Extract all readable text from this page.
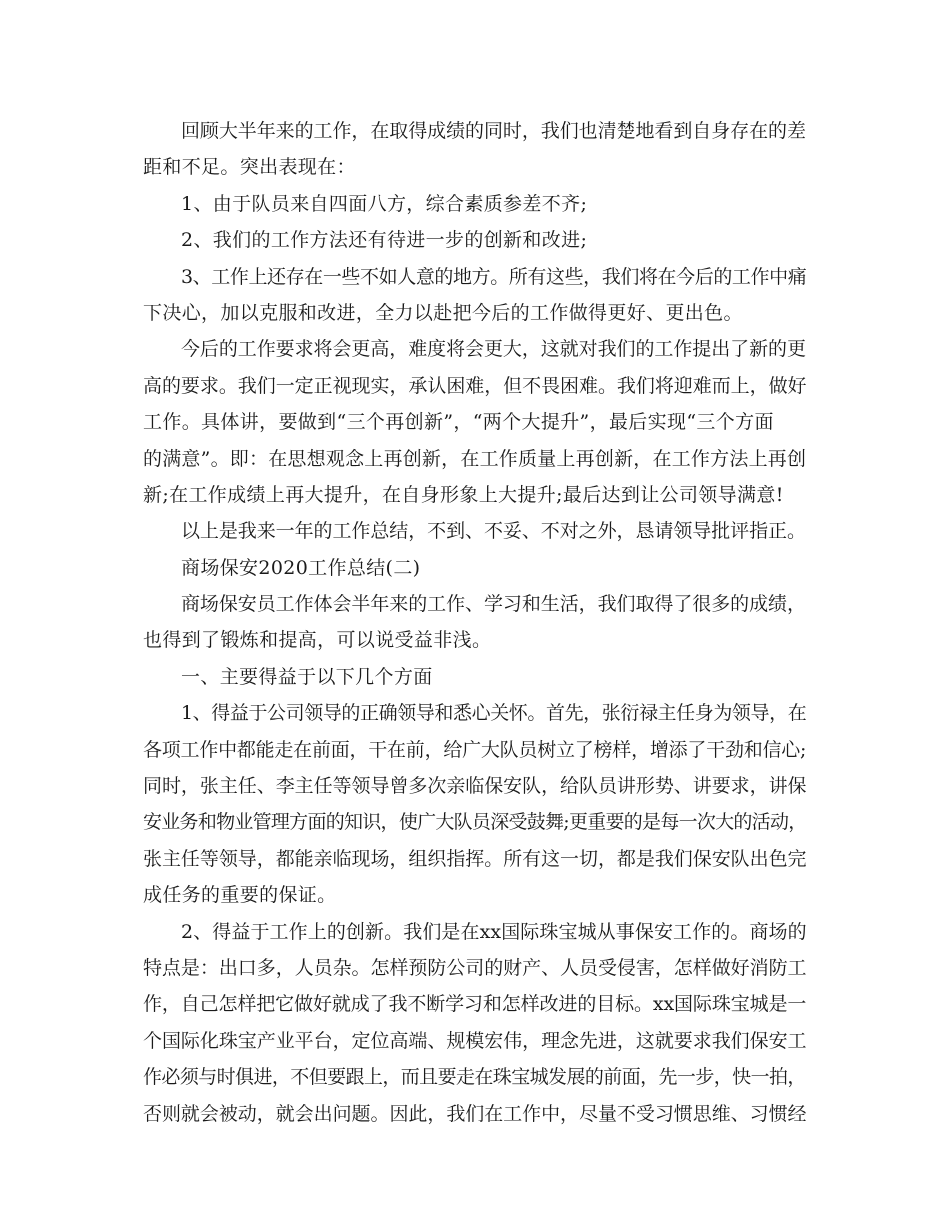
回顾大半年来的工作，在取得成绩的同时，我们也清楚地看到自身存在的差
距和不足。突出表现在：
1、由于队员来自四面八方，综合素质参差不齐;
2、我们的工作方法还有待进一步的创新和改进;
3、工作上还存在一些不如人意的地方。所有这些，我们将在今后的工作中痛
下决心，加以克服和改进，全力以赴把今后的工作做得更好、更出色。
今后的工作要求将会更高，难度将会更大，这就对我们的工作提出了新的更
高的要求。我们一定正视现实，承认困难，但不畏困难。我们将迎难而上，做好
工作。具体讲，要做到“三个再创新”，“两个大提升”，最后实现“三个方面
的满意”。即：在思想观念上再创新，在工作质量上再创新，在工作方法上再创
新;在工作成绩上再大提升，在自身形象上大提升;最后达到让公司领导满意!
以上是我来一年的工作总结，不到、不妥、不对之外，恳请领导批评指正。
商场保安2020工作总结(二)
商场保安员工作体会半年来的工作、学习和生活，我们取得了很多的成绩，
也得到了锻炼和提高，可以说受益非浅。
一、主要得益于以下几个方面
1、得益于公司领导的正确领导和悉心关怀。首先，张衍禄主任身为领导，在
各项工作中都能走在前面，干在前，给广大队员树立了榜样，增添了干劲和信心;
同时，张主任、李主任等领导曾多次亲临保安队，给队员讲形势、讲要求，讲保
安业务和物业管理方面的知识，使广大队员深受鼓舞;更重要的是每一次大的活动，
张主任等领导，都能亲临现场，组织指挥。所有这一切，都是我们保安队出色完
成任务的重要的保证。
2、得益于工作上的创新。我们是在xx国际珠宝城从事保安工作的。商场的
特点是：出口多，人员杂。怎样预防公司的财产、人员受侵害，怎样做好消防工
作，自己怎样把它做好就成了我不断学习和怎样改进的目标。xx国际珠宝城是一
个国际化珠宝产业平台，定位高端、规模宏伟，理念先进，这就要求我们保安工
作必须与时俱进，不但要跟上，而且要走在珠宝城发展的前面，先一步，快一拍，
否则就会被动，就会出问题。因此，我们在工作中，尽量不受习惯思维、习惯经
